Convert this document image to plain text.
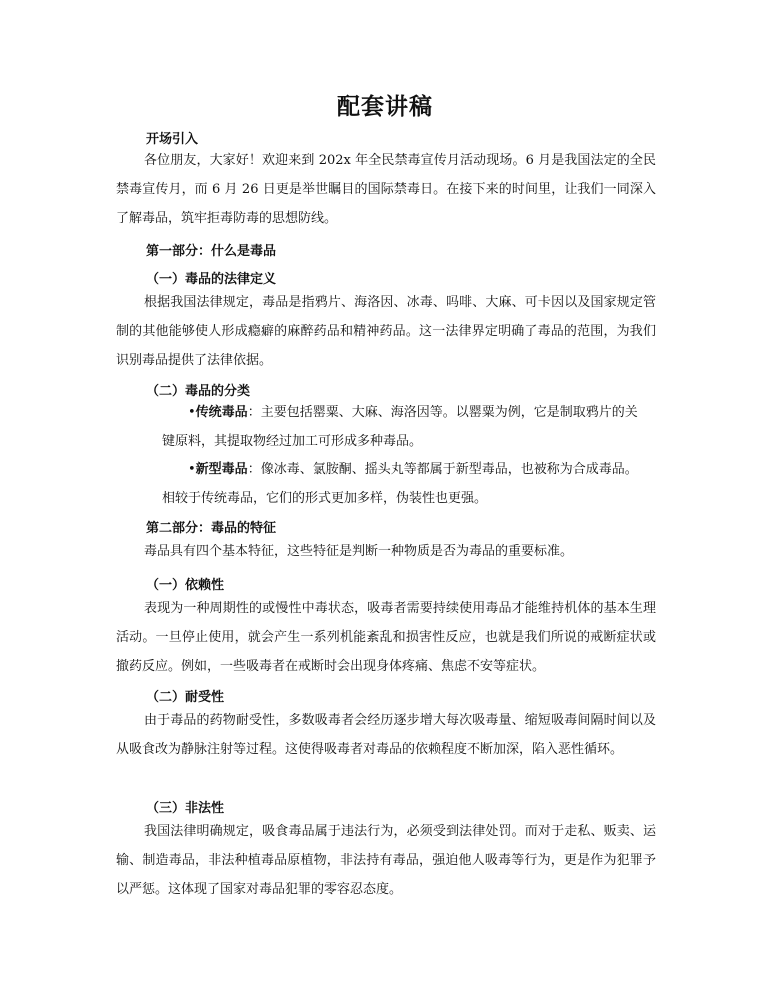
配套讲稿
开场引入
各位朋友，大家好！欢迎来到 202x 年全民禁毒宣传月活动现场。6 月是我国法定的全民禁毒宣传月，而 6 月 26 日更是举世瞩目的国际禁毒日。在接下来的时间里，让我们一同深入了解毒品，筑牢拒毒防毒的思想防线。
第一部分：什么是毒品
（一）毒品的法律定义
根据我国法律规定，毒品是指鸦片、海洛因、冰毒、吗啡、大麻、可卡因以及国家规定管制的其他能够使人形成瘾癖的麻醉药品和精神药品。这一法律界定明确了毒品的范围，为我们识别毒品提供了法律依据。
（二）毒品的分类
•传统毒品：主要包括罂粟、大麻、海洛因等。以罂粟为例，它是制取鸦片的关键原料，其提取物经过加工可形成多种毒品。
•新型毒品：像冰毒、氯胺酮、摇头丸等都属于新型毒品，也被称为合成毒品。相较于传统毒品，它们的形式更加多样，伪装性也更强。
第二部分：毒品的特征
毒品具有四个基本特征，这些特征是判断一种物质是否为毒品的重要标准。
（一）依赖性
表现为一种周期性的或慢性中毒状态，吸毒者需要持续使用毒品才能维持机体的基本生理活动。一旦停止使用，就会产生一系列机能紊乱和损害性反应，也就是我们所说的戒断症状或撤药反应。例如，一些吸毒者在戒断时会出现身体疼痛、焦虑不安等症状。
（二）耐受性
由于毒品的药物耐受性，多数吸毒者会经历逐步增大每次吸毒量、缩短吸毒间隔时间以及从吸食改为静脉注射等过程。这使得吸毒者对毒品的依赖程度不断加深，陷入恶性循环。
（三）非法性
我国法律明确规定，吸食毒品属于违法行为，必须受到法律处罚。而对于走私、贩卖、运输、制造毒品，非法种植毒品原植物，非法持有毒品，强迫他人吸毒等行为，更是作为犯罪予以严惩。这体现了国家对毒品犯罪的零容忍态度。
